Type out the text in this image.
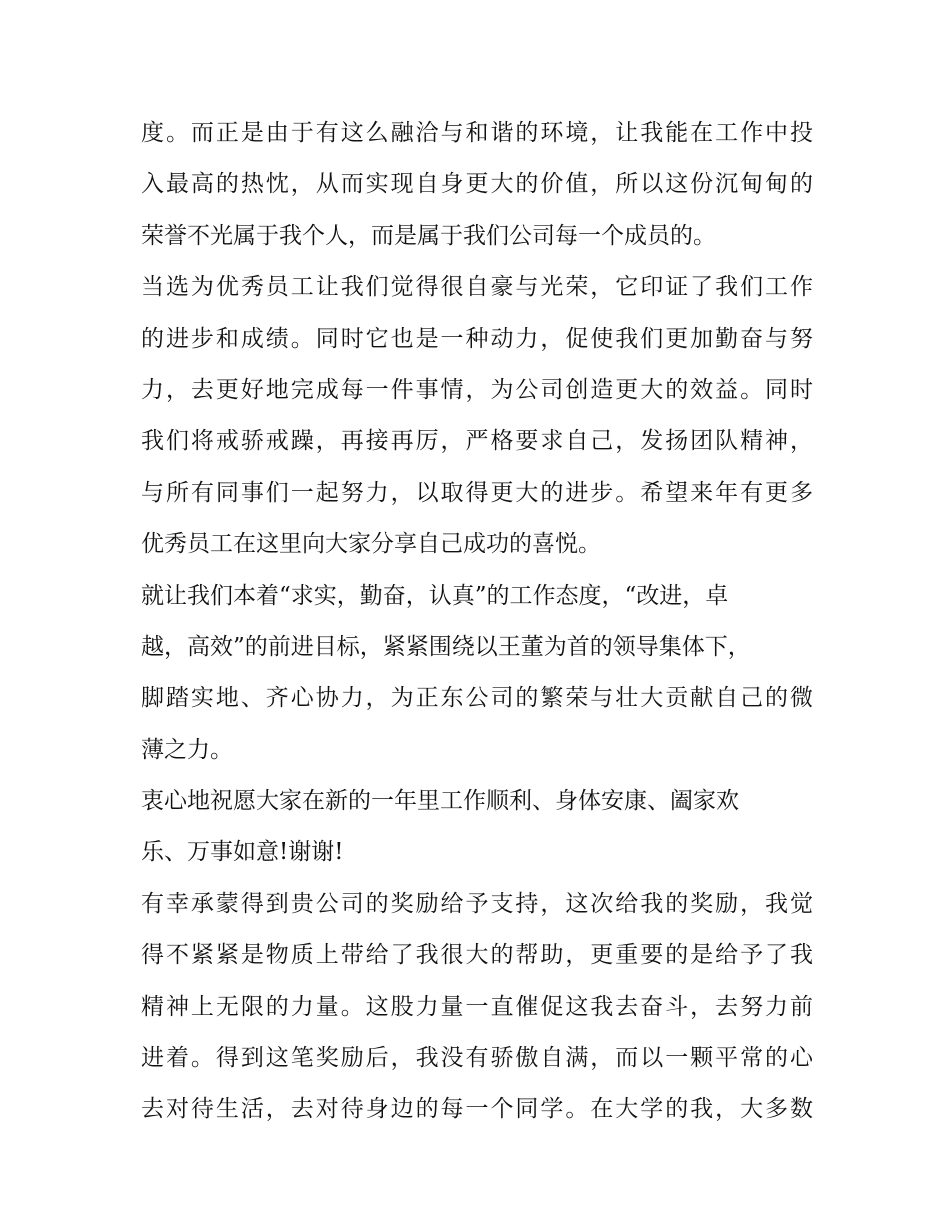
度。而正是由于有这么融洽与和谐的环境，让我能在工作中投
入最高的热忱，从而实现自身更大的价值，所以这份沉甸甸的
荣誉不光属于我个人，而是属于我们公司每一个成员的。
当选为优秀员工让我们觉得很自豪与光荣，它印证了我们工作
的进步和成绩。同时它也是一种动力，促使我们更加勤奋与努
力，去更好地完成每一件事情，为公司创造更大的效益。同时
我们将戒骄戒躁，再接再厉，严格要求自己，发扬团队精神，
与所有同事们一起努力，以取得更大的进步。希望来年有更多
优秀员工在这里向大家分享自己成功的喜悦。
就让我们本着“求实，勤奋，认真”的工作态度，“改进，卓
越，高效”的前进目标，紧紧围绕以王董为首的领导集体下，
脚踏实地、齐心协力，为正东公司的繁荣与壮大贡献自己的微
薄之力。
衷心地祝愿大家在新的一年里工作顺利、身体安康、阖家欢
乐、万事如意!谢谢!
有幸承蒙得到贵公司的奖励给予支持，这次给我的奖励，我觉
得不紧紧是物质上带给了我很大的帮助，更重要的是给予了我
精神上无限的力量。这股力量一直催促这我去奋斗，去努力前
进着。得到这笔奖励后，我没有骄傲自满，而以一颗平常的心
去对待生活，去对待身边的每一个同学。在大学的我，大多数
